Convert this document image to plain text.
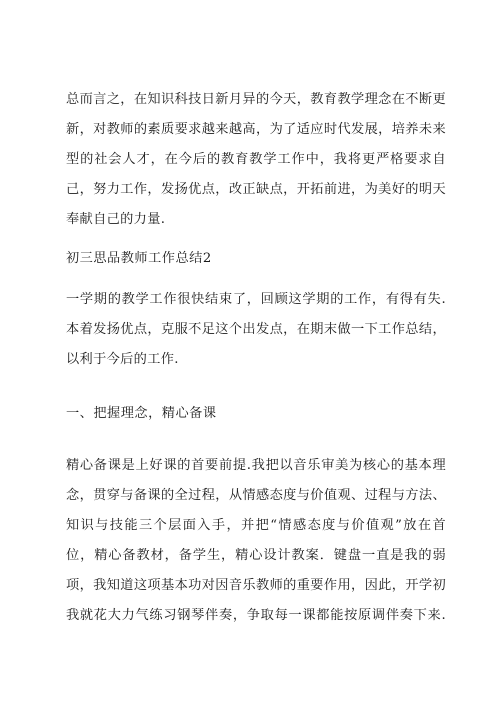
总而言之，在知识科技日新月异的今天，教育教学理念在不断更
新，对教师的素质要求越来越高，为了适应时代发展，培养未来
型的社会人才，在今后的教育教学工作中，我将更严格要求自
己，努力工作，发扬优点，改正缺点，开拓前进，为美好的明天
奉献自己的力量.
初三思品教师工作总结2
一学期的教学工作很快结束了，回顾这学期的工作，有得有失.
本着发扬优点，克服不足这个出发点，在期末做一下工作总结，
以利于今后的工作.
一、把握理念，精心备课
精心备课是上好课的首要前提.我把以音乐审美为核心的基本理
念，贯穿与备课的全过程，从情感态度与价值观、过程与方法、
知识与技能三个层面入手，并把“情感态度与价值观”放在首
位，精心备教材，备学生，精心设计教案．键盘一直是我的弱
项，我知道这项基本功对因音乐教师的重要作用，因此，开学初
我就花大力气练习钢琴伴奏，争取每一课都能按原调伴奏下来.
